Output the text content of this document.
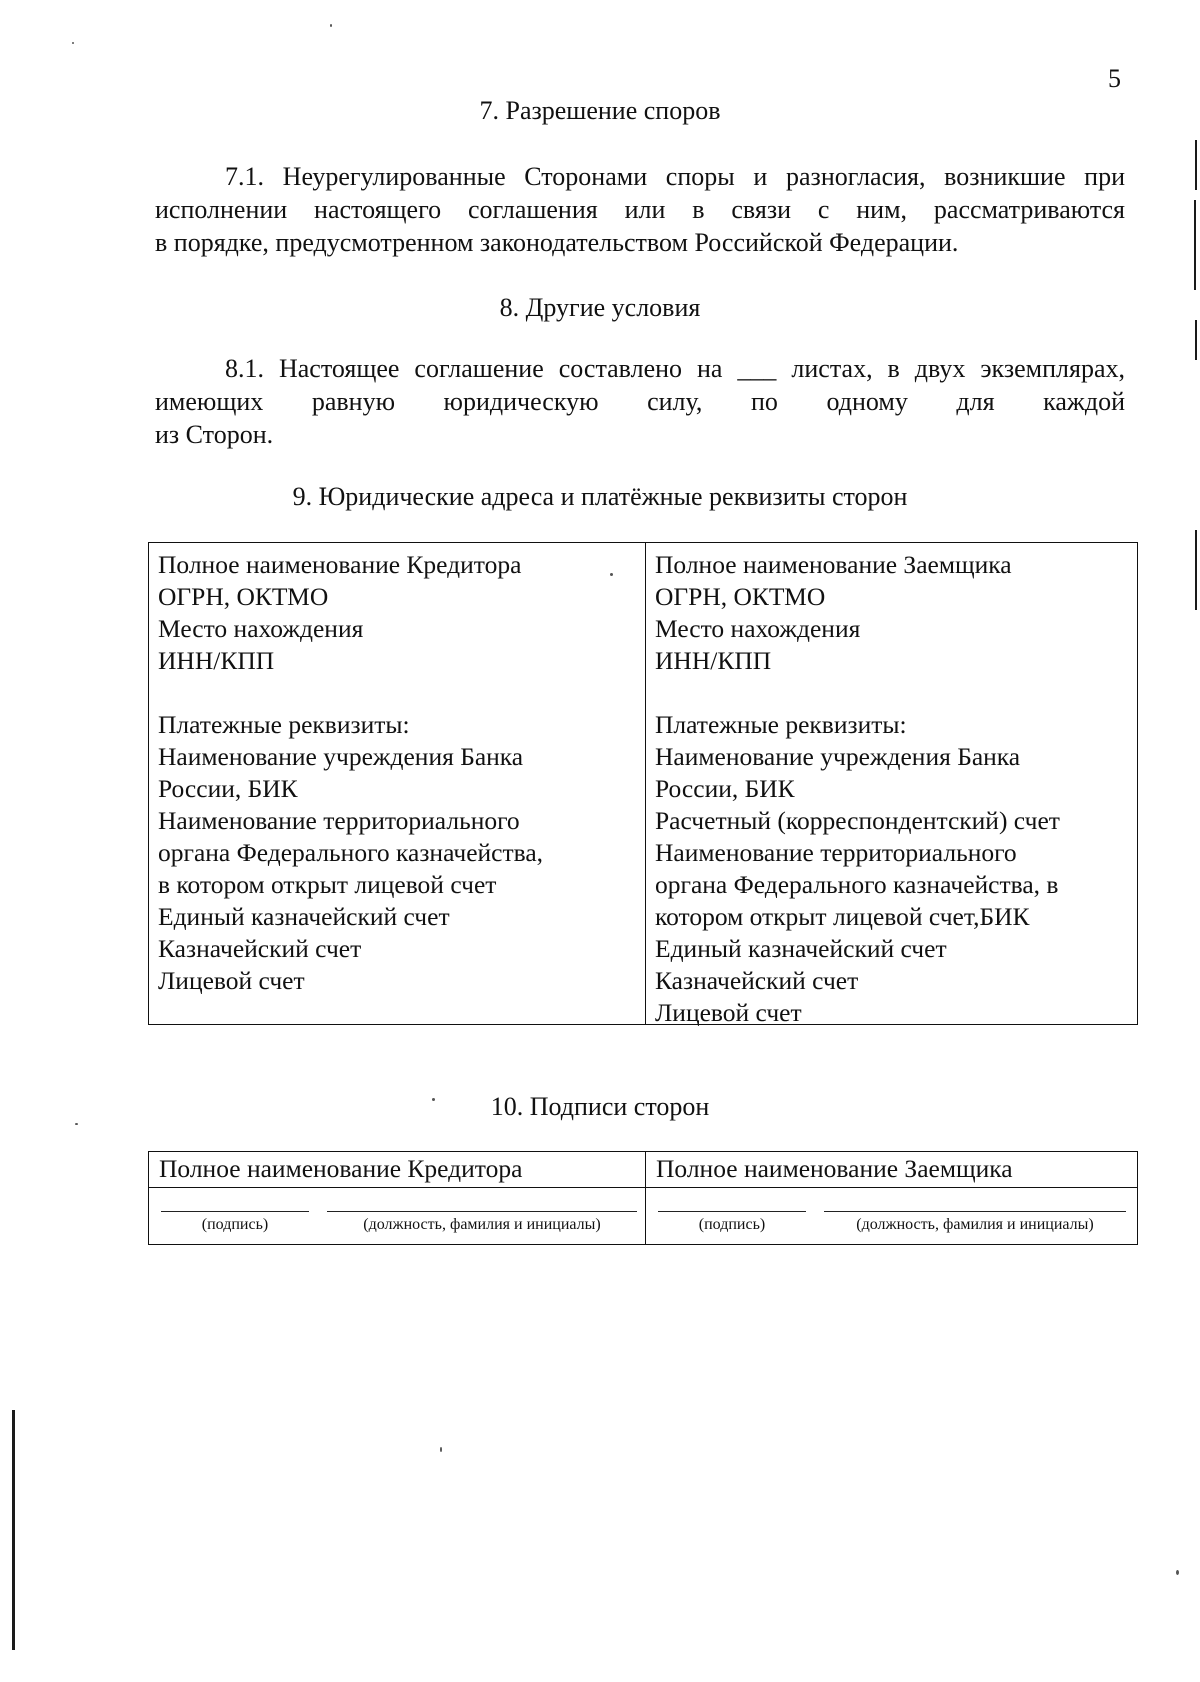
5
7. Разрешение споров
7.1. Неурегулированные Сторонами споры и разногласия, возникшие при
исполнении настоящего соглашения или в связи с ним, рассматриваются
в порядке, предусмотренном законодательством Российской Федерации.
8. Другие условия
8.1. Настоящее соглашение составлено на ___ листах, в двух экземплярах,
имеющих равную юридическую силу, по одному для каждой
из Сторон.
9. Юридические адреса и платёжные реквизиты сторон
Полное наименование Кредитора
ОГРН, ОКТМО
Место нахождения
ИНН/КПП
Платежные реквизиты:
Наименование учреждения Банка
России, БИК
Наименование территориального
органа Федерального казначейства,
в котором открыт лицевой счет
Единый казначейский счет
Казначейский счет
Лицевой счет
Полное наименование Заемщика
ОГРН, ОКТМО
Место нахождения
ИНН/КПП
Платежные реквизиты:
Наименование учреждения Банка
России, БИК
Расчетный (корреспондентский) счет
Наименование территориального
органа Федерального казначейства, в
котором открыт лицевой счет,БИК
Единый казначейский счет
Казначейский счет
Лицевой счет
10. Подписи сторон
Полное наименование Кредитора	Полное наименование Заемщика
(подпись)	(должность, фамилия и инициалы)	(подпись)	(должность, фамилия и инициалы)
